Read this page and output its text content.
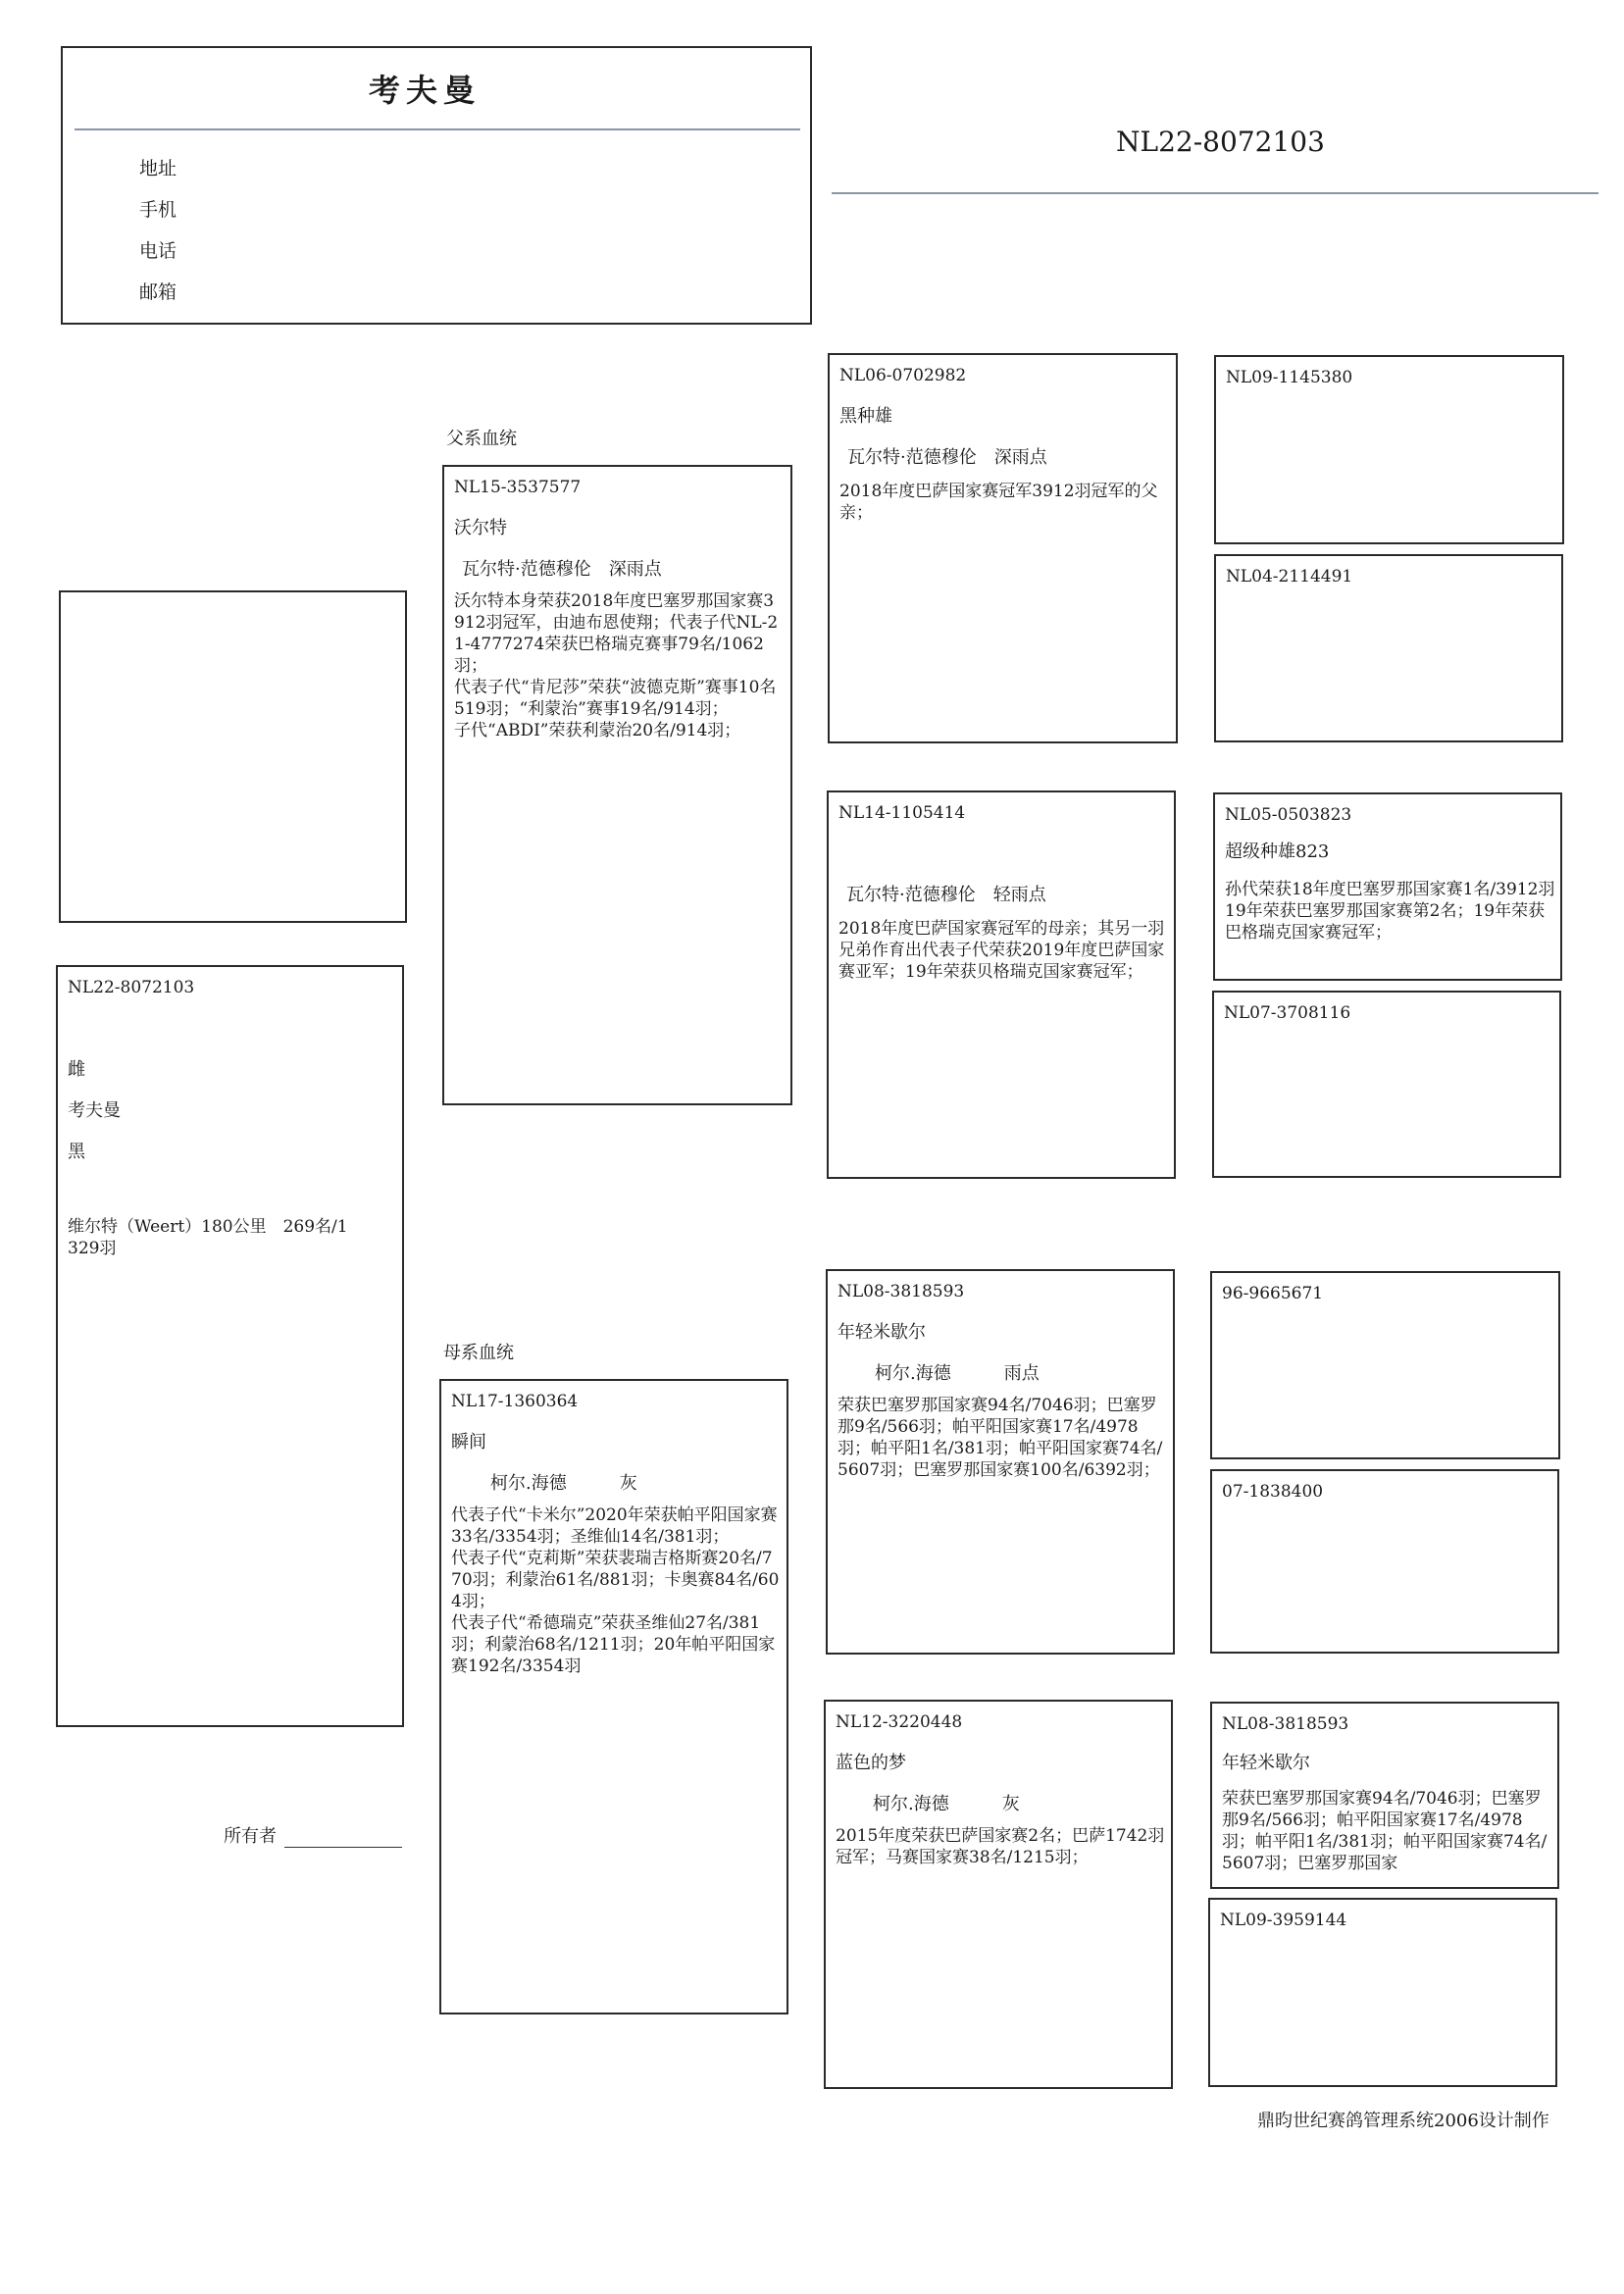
考夫曼
地址
手机
电话
邮箱
NL22-8072103
NL22-8072103
雌
考夫曼
黑
维尔特（Weert）180公里　269名/1329羽
所有者
父系血统
NL15-3537577
沃尔特
瓦尔特·范德穆伦　深雨点
沃尔特本身荣获2018年度巴塞罗那国家赛3912羽冠军，由迪布恩使翔；代表子代NL-21-4777274荣获巴格瑞克赛事79名/1062羽；
代表子代“肯尼莎”荣获“波德克斯”赛事10名519羽；“利蒙治”赛事19名/914羽；
子代“ABDI”荣获利蒙治20名/914羽；
母系血统
NL17-1360364
瞬间
柯尔.海德　　　灰
代表子代“卡米尔”2020年荣获帕平阳国家赛33名/3354羽；圣维仙14名/381羽；
代表子代“克莉斯”荣获裴瑞吉格斯赛20名/770羽；利蒙治61名/881羽；卡奥赛84名/604羽；
代表子代“希德瑞克”荣获圣维仙27名/381羽；利蒙治68名/1211羽；20年帕平阳国家赛192名/3354羽
NL06-0702982
黑种雄
瓦尔特·范德穆伦　深雨点
2018年度巴萨国家赛冠军3912羽冠军的父亲；
NL14-1105414
瓦尔特·范德穆伦　轻雨点
2018年度巴萨国家赛冠军的母亲；其另一羽兄弟作育出代表子代荣获2019年度巴萨国家赛亚军；19年荣获贝格瑞克国家赛冠军；
NL08-3818593
年轻米歇尔
柯尔.海德　　　雨点
荣获巴塞罗那国家赛94名/7046羽；巴塞罗那9名/566羽；帕平阳国家赛17名/4978羽；帕平阳1名/381羽；帕平阳国家赛74名/5607羽；巴塞罗那国家赛100名/6392羽；
NL12-3220448
蓝色的梦
柯尔.海德　　　灰
2015年度荣获巴萨国家赛2名；巴萨1742羽冠军；马赛国家赛38名/1215羽；
NL09-1145380
NL04-2114491
NL05-0503823
超级种雄823
孙代荣获18年度巴塞罗那国家赛1名/3912羽
19年荣获巴塞罗那国家赛第2名；19年荣获巴格瑞克国家赛冠军；
NL07-3708116
96-9665671
07-1838400
NL08-3818593
年轻米歇尔
荣获巴塞罗那国家赛94名/7046羽；巴塞罗那9名/566羽；帕平阳国家赛17名/4978羽；帕平阳1名/381羽；帕平阳国家赛74名/5607羽；巴塞罗那国家
NL09-3959144
鼎昀世纪赛鸽管理系统2006设计制作
